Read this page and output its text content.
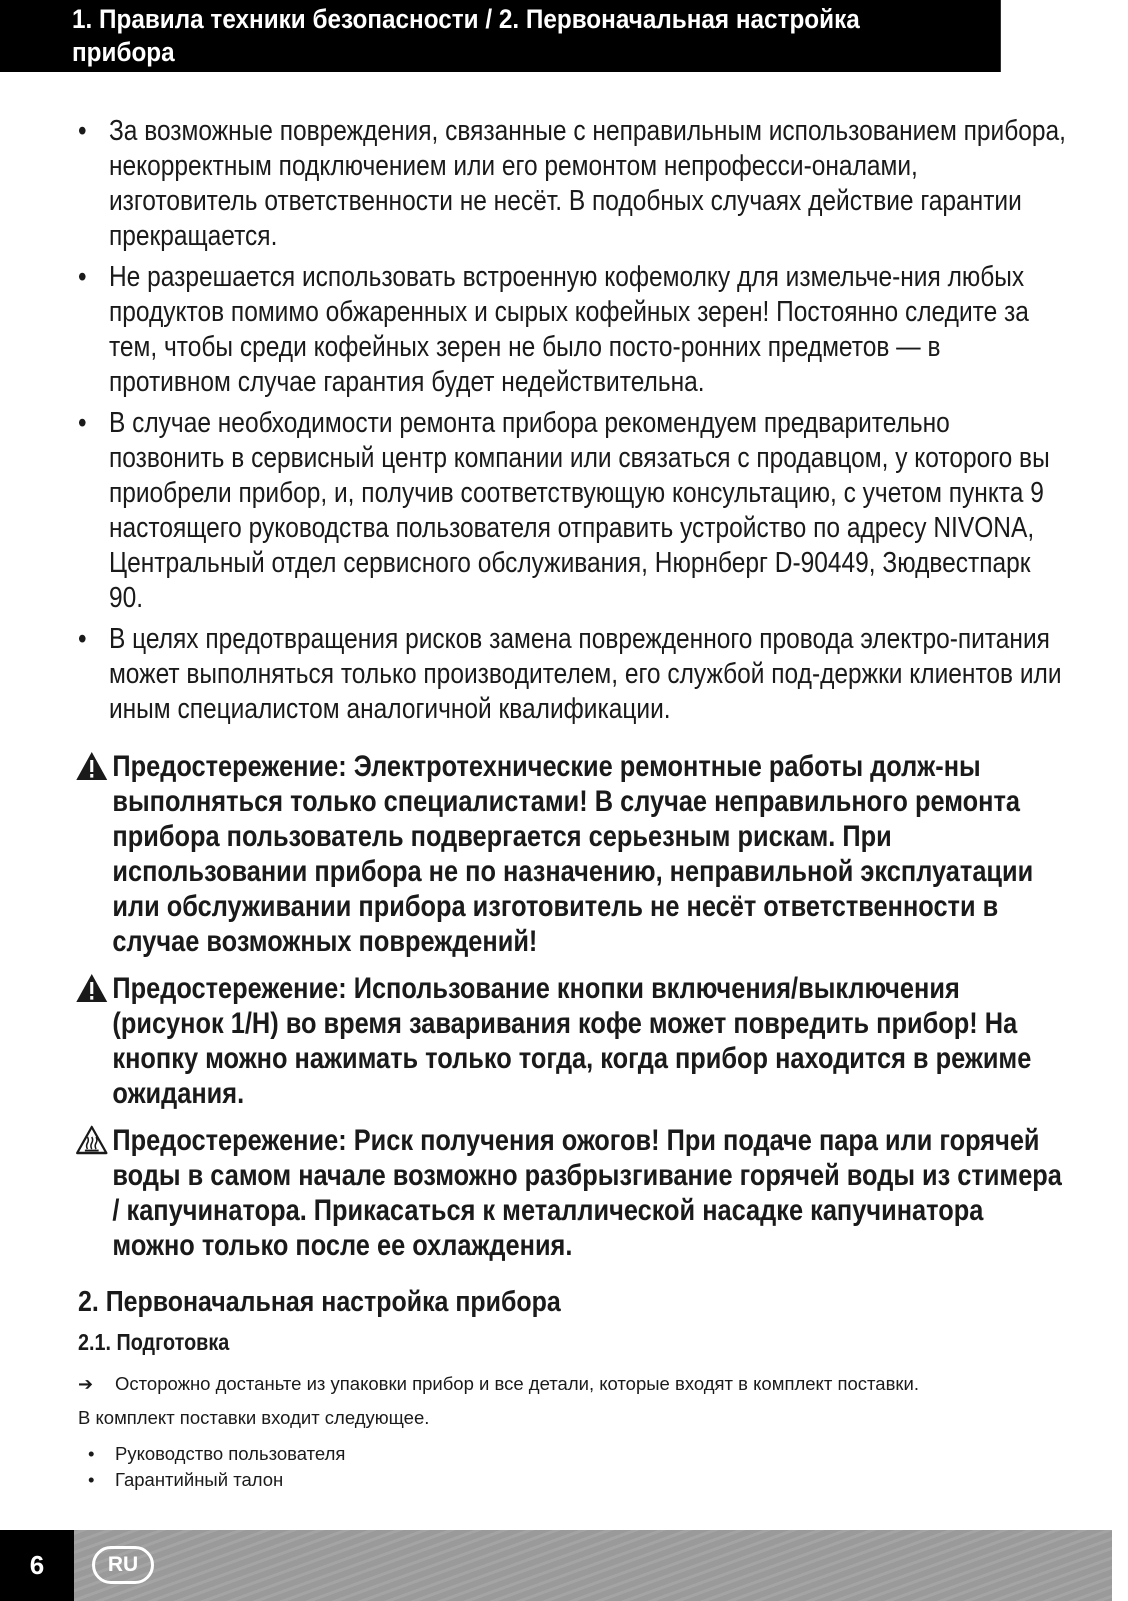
1. Правила техники безопасности / 2. Первоначальная настройка прибора
• За возможные повреждения, связанные с неправильным использованием прибора, некорректным подключением или его ремонтом непрофесси-оналами, изготовитель ответственности не несёт. В подобных случаях действие гарантии прекращается.
• Не разрешается использовать встроенную кофемолку для измельче-ния любых продуктов помимо обжаренных и сырых кофейных зерен! Постоянно следите за тем, чтобы среди кофейных зерен не было посто-ронних предметов — в противном случае гарантия будет недействительна.
• В случае необходимости ремонта прибора рекомендуем предварительно позвонить в сервисный центр компании или связаться с продавцом, у которого вы приобрели прибор, и, получив соответствующую консультацию, с учетом пункта 9 настоящего руководства пользователя отправить устройство по адресу NIVONA, Центральный отдел сервисного обслуживания, Нюрнберг D-90449, Зюдвестпарк 90.
• В целях предотвращения рисков замена поврежденного провода электро-питания может выполняться только производителем, его службой под-держки клиентов или иным специалистом аналогичной квалификации.
Предостережение: Электротехнические ремонтные работы долж-ны выполняться только специалистами! В случае неправильного ремонта прибора пользователь подвергается серьезным рискам. При использовании прибора не по назначению, неправильной эксплуатации или обслуживании прибора изготовитель не несёт ответственности в случае возможных повреждений!
Предостережение: Использование кнопки включения/выключения (рисунок 1/H) во время заваривания кофе может повредить прибор! На кнопку можно нажимать только тогда, когда прибор находится в режиме ожидания.
Предостережение: Риск получения ожогов! При подаче пара или горячей воды в самом начале возможно разбрызгивание горячей воды из стимера / капучинатора. Прикасаться к металлической насадке капучинатора можно только после ее охлаждения.
2. Первоначальная настройка прибора
2.1. Подготовка
➔ Осторожно достаньте из упаковки прибор и все детали, которые входят в комплект поставки.
В комплект поставки входит следующее.
• Руководство пользователя
• Гарантийный талон
6	RU
